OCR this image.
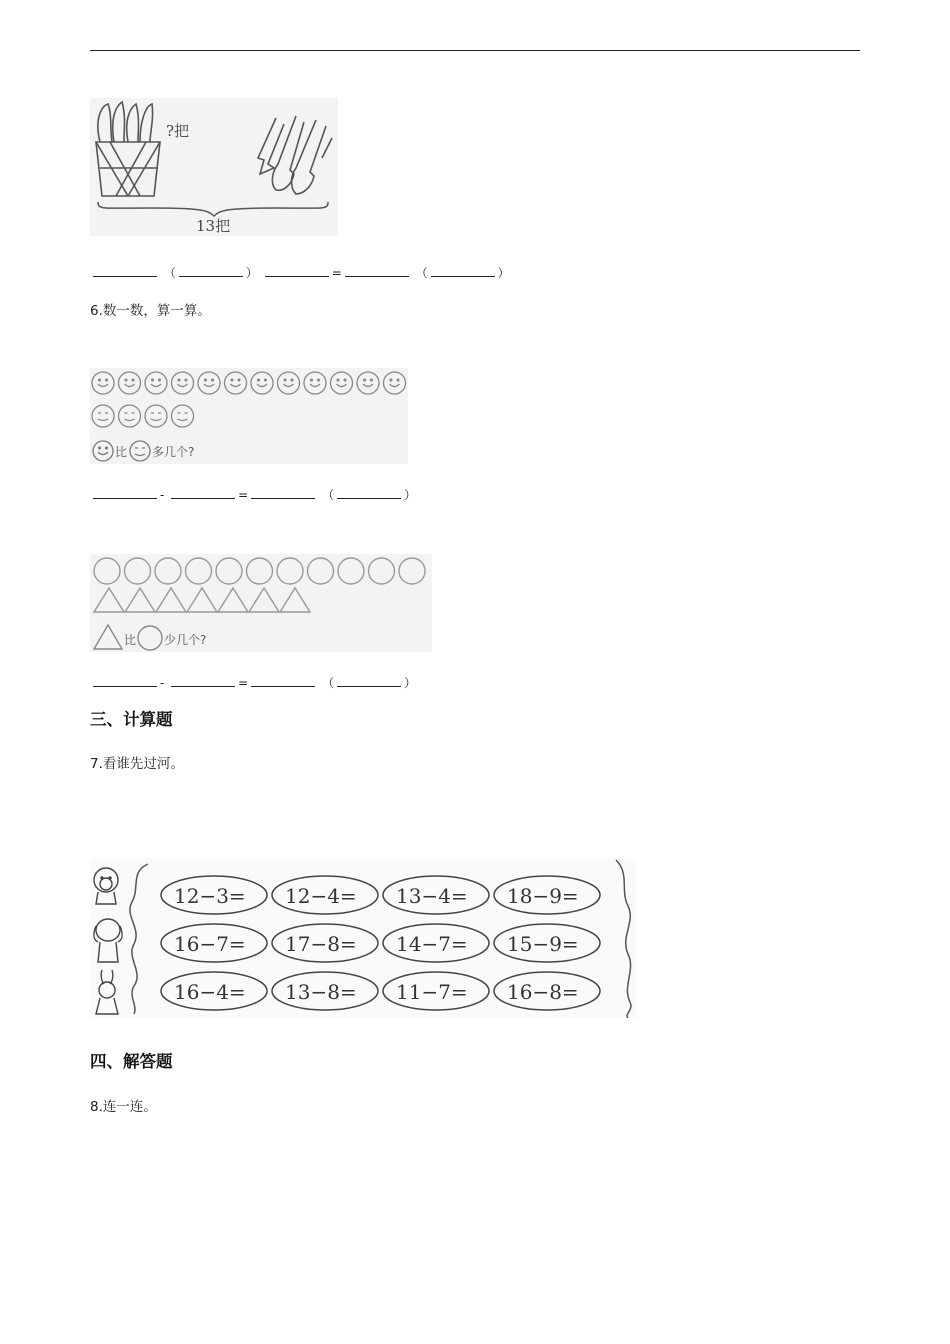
?把
13把
（	）	=	（	）
6.数一数，算一算。
比 多几个?
-	=	（	）
比 少几个?
-	=	（	）
三、计算题
7.看谁先过河。
12−3= 12−4= 13−4= 18−9=
16−7= 17−8= 14−7= 15−9=
16−4= 13−8= 11−7= 16−8=
四、解答题
8.连一连。
